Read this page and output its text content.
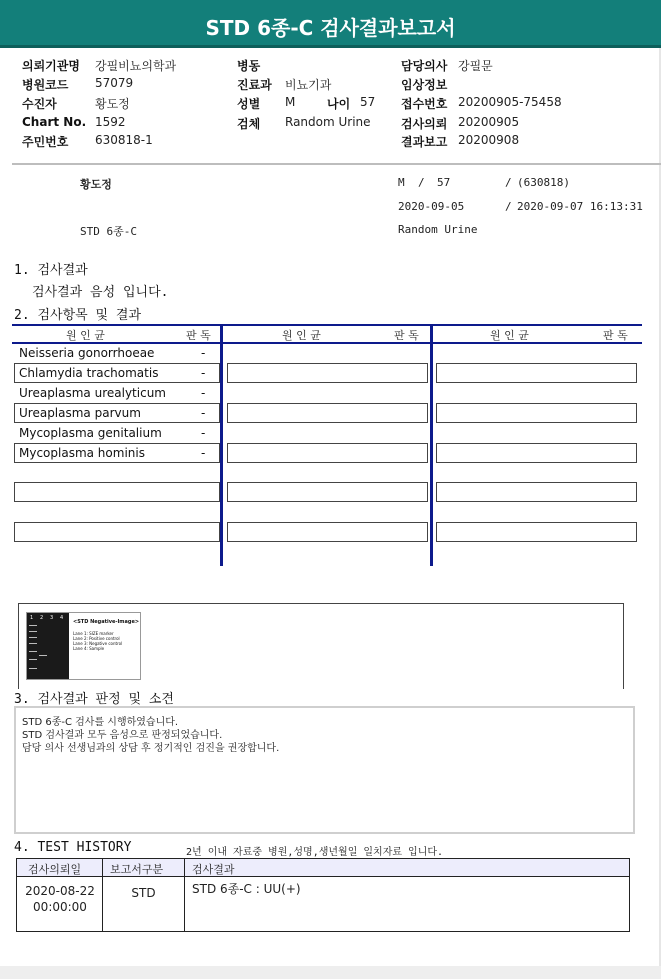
STD 6종-C 검사결과보고서
의뢰기관명 강필비뇨의학과
병원코드 57079
수진자	황도정
Chart No. 1592
주민번호 630818-1
병동
진료과 비뇨기과
성별 M	나이 57
검체 Random Urine
담당의사 강필문
임상정보
접수번호 20200905-75458
검사의뢰 20200905
결과보고 20200908
황도정	M / 57	/ (630818)
2020-09-05	/ 2020-09-07 16:13:31
STD 6종-C	Random Urine
1. 검사결과
검사결과 음성 입니다.
2. 검사항목 및 결과
원 인 균	판 독	원 인 균	판 독	원 인 균	판 독
Neisseria gonorrhoeae	-
Chlamydia trachomatis	-
Ureaplasma urealyticum	-
Ureaplasma parvum	-
Mycoplasma genitalium	-
Mycoplasma hominis	-
1 2 3 4
<STD Negative-Image>
Lane 1: SIZE marker
Lane 2: Positive control
Lane 3: Negative control
Lane 4: Sample
3. 검사결과 판정 및 소견
STD 6종-C 검사를 시행하였습니다.
STD 검사결과 모두 음성으로 판정되었습니다.
담당 의사 선생님과의 상담 후 정기적인 검진을 권장합니다.
4. TEST HISTORY	2년 이내 자료중 병원,성명,생년월일 일치자료 입니다.
검사의뢰일	보고서구분	검사결과
2020-08-22
00:00:00
STD	STD 6종-C : UU(+)
